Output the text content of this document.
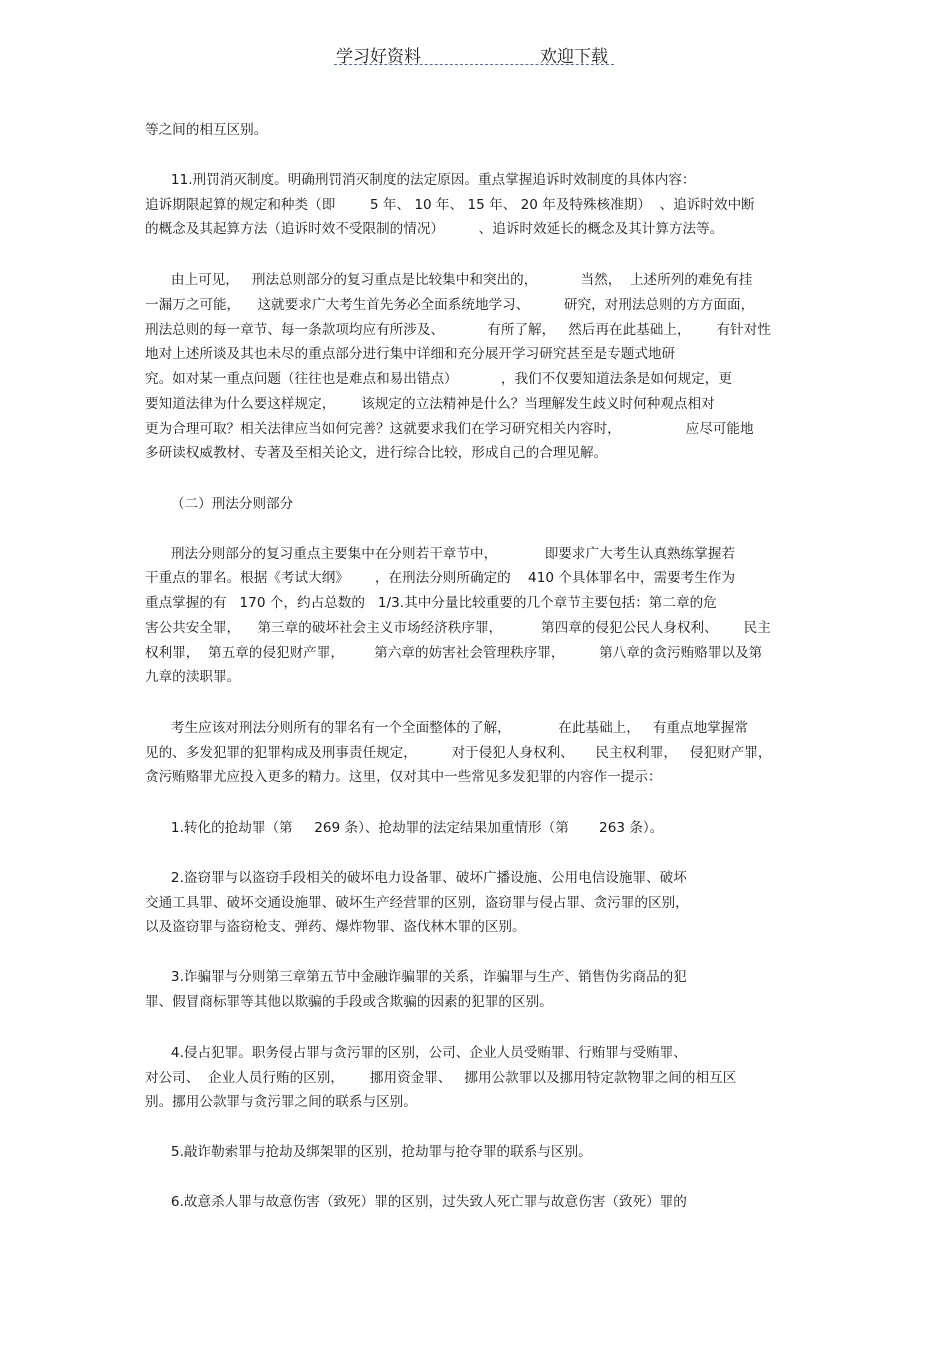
学习好资料	欢迎下载

等之间的相互区别。

11.刑罚消灭制度。明确刑罚消灭制度的法定原因。重点掌握追诉时效制度的具体内容：

追诉期限起算的规定和种类（即        5 年、 10 年、 15 年、 20 年及特殊核准期）  、追诉时效中断

的概念及其起算方法（追诉时效不受限制的情况）        、追诉时效延长的概念及其计算方法等。

由上可见，   刑法总则部分的复习重点是比较集中和突出的，          当然，  上述所列的难免有挂

一漏万之可能，    这就要求广大考生首先务必全面系统地学习、        研究，对刑法总则的方方面面，

刑法总则的每一章节、每一条款项均应有所涉及、          有所了解，   然后再在此基础上，      有针对性

地对上述所谈及其也未尽的重点部分进行集中详细和充分展开学习研究甚至是专题式地研

究。如对某一重点问题（往往也是难点和易出错点）          ，我们不仅要知道法条是如何规定，更

要知道法律为什么要这样规定，      该规定的立法精神是什么？当理解发生歧义时何种观点相对

更为合理可取？相关法律应当如何完善？这就要求我们在学习研究相关内容时，               应尽可能地

多研读权威教材、专著及至相关论文，进行综合比较，形成自己的合理见解。

（二）刑法分则部分

刑法分则部分的复习重点主要集中在分则若干章节中，           即要求广大考生认真熟练掌握若

干重点的罪名。根据《考试大纲》      ，在刑法分则所确定的    410 个具体罪名中，需要考生作为

重点掌握的有   170 个，约占总数的   1/3.其中分量比较重要的几个章节主要包括：第二章的危

害公共安全罪，    第三章的破坏社会主义市场经济秩序罪，         第四章的侵犯公民人身权利、      民主

权利罪，  第五章的侵犯财产罪，       第六章的妨害社会管理秩序罪，        第八章的贪污贿赂罪以及第

九章的渎职罪。

考生应该对刑法分则所有的罪名有一个全面整体的了解，           在此基础上，   有重点地掌握常

见的、多发犯罪的犯罪构成及刑事责任规定，        对于侵犯人身权利、     民主权利罪，   侵犯财产罪，

贪污贿赂罪尤应投入更多的精力。这里，仅对其中一些常见多发犯罪的内容作一提示：

1.转化的抢劫罪（第     269 条）、抢劫罪的法定结果加重情形（第       263 条）。

2.盗窃罪与以盗窃手段相关的破坏电力设备罪、破坏广播设施、公用电信设施罪、破坏

交通工具罪、破坏交通设施罪、破坏生产经营罪的区别，盗窃罪与侵占罪、贪污罪的区别，

以及盗窃罪与盗窃枪支、弹药、爆炸物罪、盗伐林木罪的区别。

3.诈骗罪与分则第三章第五节中金融诈骗罪的关系，诈骗罪与生产、销售伪劣商品的犯

罪、假冒商标罪等其他以欺骗的手段或含欺骗的因素的犯罪的区别。

4.侵占犯罪。职务侵占罪与贪污罪的区别，公司、企业人员受贿罪、行贿罪与受贿罪、

对公司、  企业人员行贿的区别，      挪用资金罪、   挪用公款罪以及挪用特定款物罪之间的相互区

别。挪用公款罪与贪污罪之间的联系与区别。

5.敲诈勒索罪与抢劫及绑架罪的区别，抢劫罪与抢夺罪的联系与区别。

6.故意杀人罪与故意伤害（致死）罪的区别，过失致人死亡罪与故意伤害（致死）罪的
